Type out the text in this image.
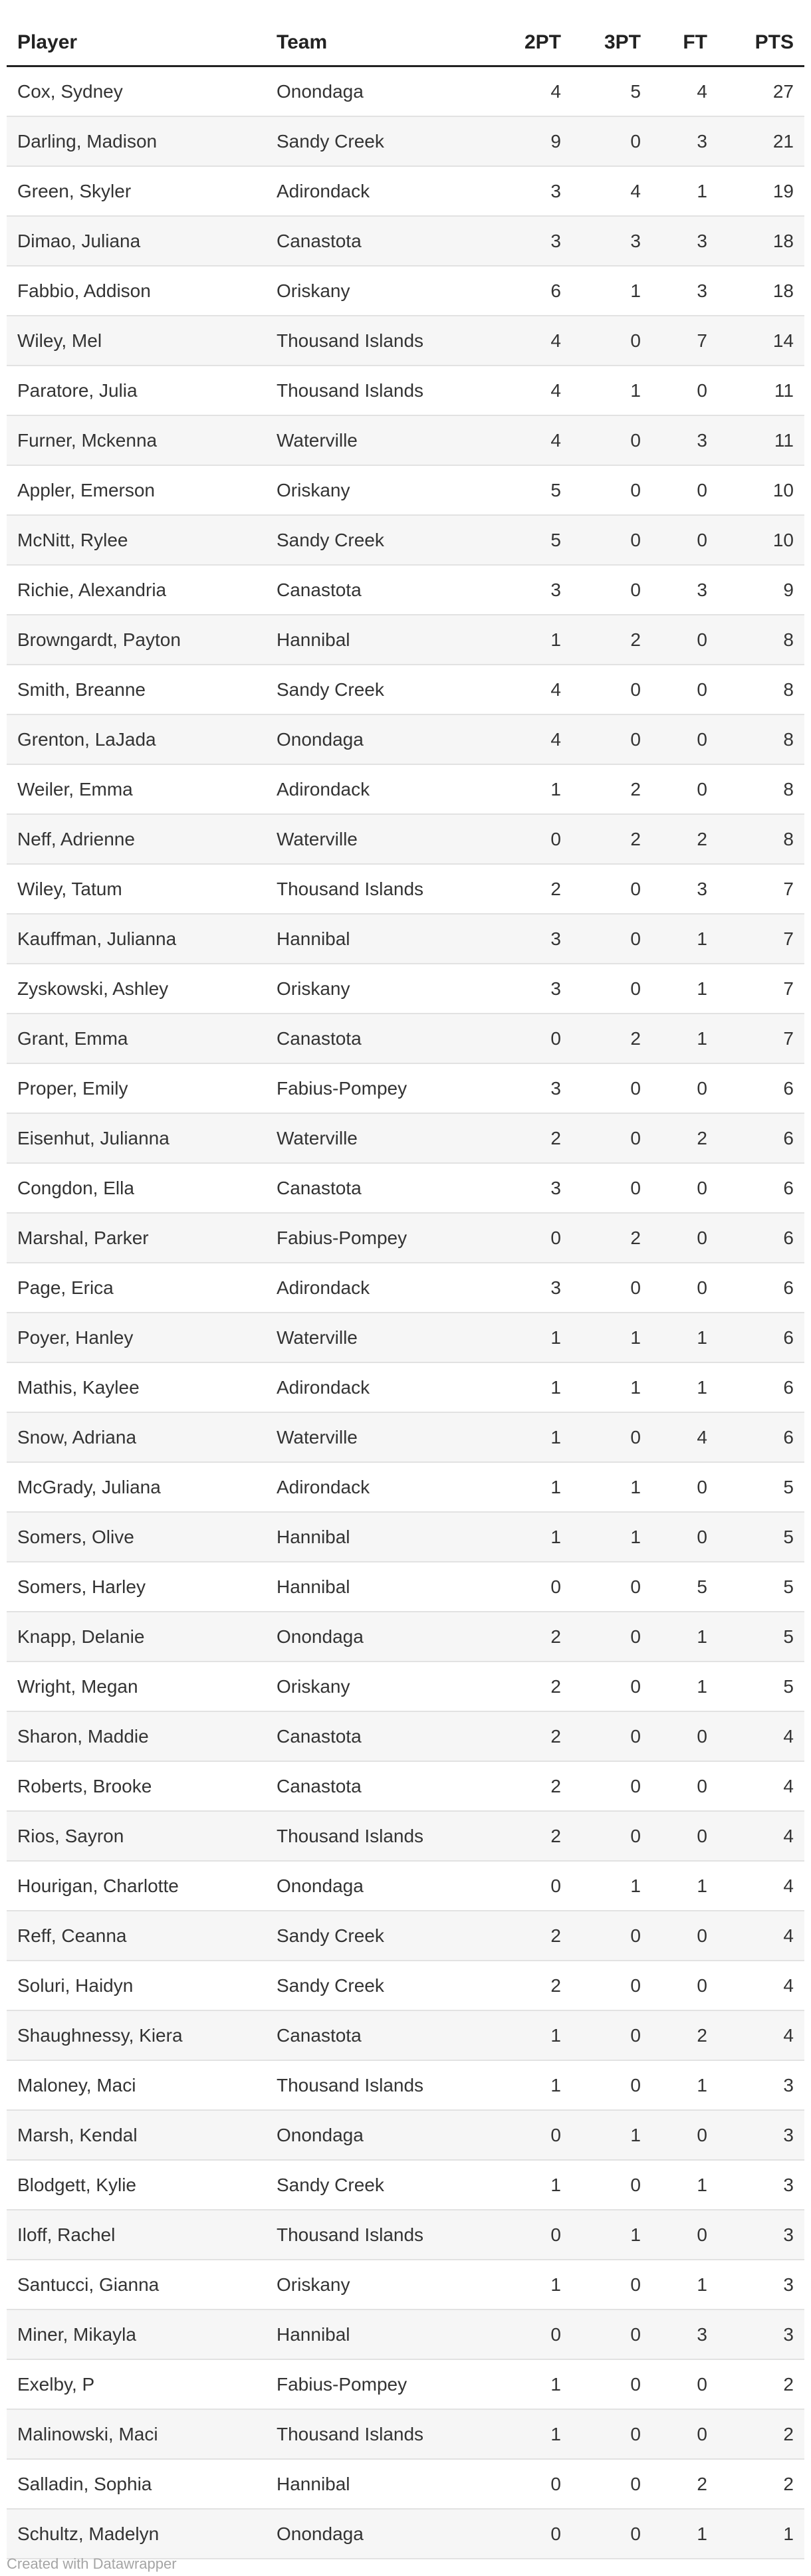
Player	Team	2PT	3PT	FT	PTS
Cox, Sydney	Onondaga	4	5	4	27
Darling, Madison	Sandy Creek	9	0	3	21
Green, Skyler	Adirondack	3	4	1	19
Dimao, Juliana	Canastota	3	3	3	18
Fabbio, Addison	Oriskany	6	1	3	18
Wiley, Mel	Thousand Islands	4	0	7	14
Paratore, Julia	Thousand Islands	4	1	0	11
Furner, Mckenna	Waterville	4	0	3	11
Appler, Emerson	Oriskany	5	0	0	10
McNitt, Rylee	Sandy Creek	5	0	0	10
Richie, Alexandria	Canastota	3	0	3	9
Browngardt, Payton	Hannibal	1	2	0	8
Smith, Breanne	Sandy Creek	4	0	0	8
Grenton, LaJada	Onondaga	4	0	0	8
Weiler, Emma	Adirondack	1	2	0	8
Neff, Adrienne	Waterville	0	2	2	8
Wiley, Tatum	Thousand Islands	2	0	3	7
Kauffman, Julianna	Hannibal	3	0	1	7
Zyskowski, Ashley	Oriskany	3	0	1	7
Grant, Emma	Canastota	0	2	1	7
Proper, Emily	Fabius-Pompey	3	0	0	6
Eisenhut, Julianna	Waterville	2	0	2	6
Congdon, Ella	Canastota	3	0	0	6
Marshal, Parker	Fabius-Pompey	0	2	0	6
Page, Erica	Adirondack	3	0	0	6
Poyer, Hanley	Waterville	1	1	1	6
Mathis, Kaylee	Adirondack	1	1	1	6
Snow, Adriana	Waterville	1	0	4	6
McGrady, Juliana	Adirondack	1	1	0	5
Somers, Olive	Hannibal	1	1	0	5
Somers, Harley	Hannibal	0	0	5	5
Knapp, Delanie	Onondaga	2	0	1	5
Wright, Megan	Oriskany	2	0	1	5
Sharon, Maddie	Canastota	2	0	0	4
Roberts, Brooke	Canastota	2	0	0	4
Rios, Sayron	Thousand Islands	2	0	0	4
Hourigan, Charlotte	Onondaga	0	1	1	4
Reff, Ceanna	Sandy Creek	2	0	0	4
Soluri, Haidyn	Sandy Creek	2	0	0	4
Shaughnessy, Kiera	Canastota	1	0	2	4
Maloney, Maci	Thousand Islands	1	0	1	3
Marsh, Kendal	Onondaga	0	1	0	3
Blodgett, Kylie	Sandy Creek	1	0	1	3
Iloff, Rachel	Thousand Islands	0	1	0	3
Santucci, Gianna	Oriskany	1	0	1	3
Miner, Mikayla	Hannibal	0	0	3	3
Exelby, P	Fabius-Pompey	1	0	0	2
Malinowski, Maci	Thousand Islands	1	0	0	2
Salladin, Sophia	Hannibal	0	0	2	2
Schultz, Madelyn	Onondaga	0	0	1	1
Created with Datawrapper
